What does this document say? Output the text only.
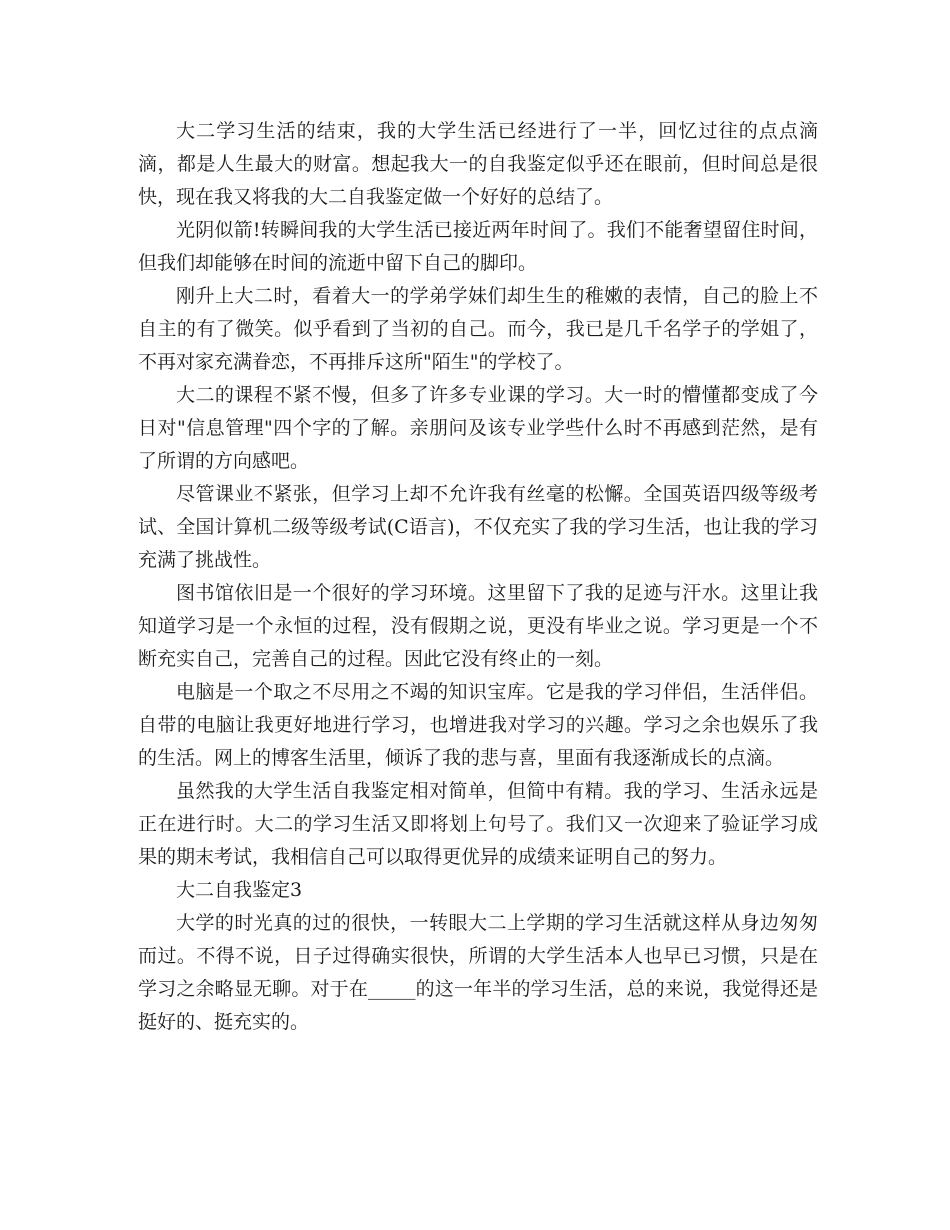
大二学习生活的结束，我的大学生活已经进行了一半，回忆过往的点点滴滴，都是人生最大的财富。想起我大一的自我鉴定似乎还在眼前，但时间总是很快，现在我又将我的大二自我鉴定做一个好好的总结了。

光阴似箭!转瞬间我的大学生活已接近两年时间了。我们不能奢望留住时间，但我们却能够在时间的流逝中留下自己的脚印。

刚升上大二时，看着大一的学弟学妹们却生生的稚嫩的表情，自己的脸上不自主的有了微笑。似乎看到了当初的自己。而今，我已是几千名学子的学姐了，不再对家充满眷恋，不再排斥这所"陌生"的学校了。

大二的课程不紧不慢，但多了许多专业课的学习。大一时的懵懂都变成了今日对"信息管理"四个字的了解。亲朋问及该专业学些什么时不再感到茫然，是有了所谓的方向感吧。

尽管课业不紧张，但学习上却不允许我有丝毫的松懈。全国英语四级等级考试、全国计算机二级等级考试(C语言)，不仅充实了我的学习生活，也让我的学习充满了挑战性。

图书馆依旧是一个很好的学习环境。这里留下了我的足迹与汗水。这里让我知道学习是一个永恒的过程，没有假期之说，更没有毕业之说。学习更是一个不断充实自己，完善自己的过程。因此它没有终止的一刻。

电脑是一个取之不尽用之不竭的知识宝库。它是我的学习伴侣，生活伴侣。自带的电脑让我更好地进行学习，也增进我对学习的兴趣。学习之余也娱乐了我的生活。网上的博客生活里，倾诉了我的悲与喜，里面有我逐渐成长的点滴。

虽然我的大学生活自我鉴定相对简单，但简中有精。我的学习、生活永远是正在进行时。大二的学习生活又即将划上句号了。我们又一次迎来了验证学习成果的期末考试，我相信自己可以取得更优异的成绩来证明自己的努力。

大二自我鉴定3

大学的时光真的过的很快，一转眼大二上学期的学习生活就这样从身边匆匆而过。不得不说，日子过得确实很快，所谓的大学生活本人也早已习惯，只是在学习之余略显无聊。对于在_____的这一年半的学习生活，总的来说，我觉得还是挺好的、挺充实的。
